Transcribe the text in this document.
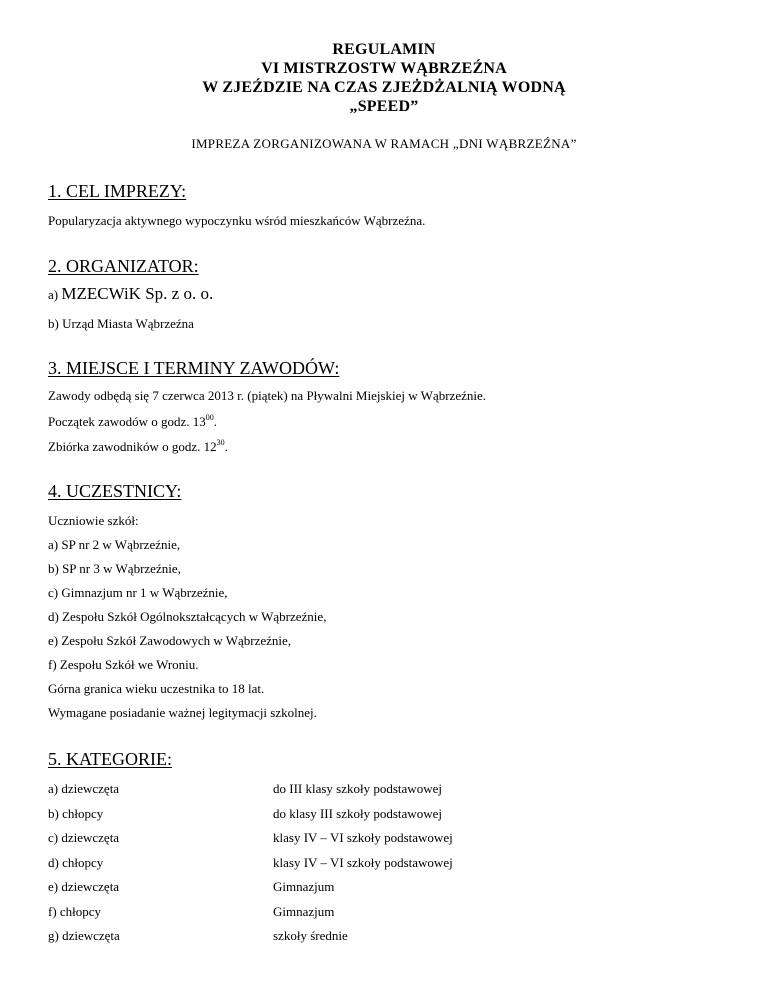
REGULAMIN
VI MISTRZOSTW WĄBRZEŹNA
W ZJEŹDZIE NA CZAS ZJEŻDŻALNIĄ WODNĄ
„SPEED”
IMPREZA ZORGANIZOWANA W RAMACH „DNI WĄBRZEŹNA”
1. CEL IMPREZY:
Popularyzacja aktywnego wypoczynku wśród mieszkańców Wąbrzeźna.
2. ORGANIZATOR:
a) MZECWiK Sp. z o. o.
b) Urząd Miasta Wąbrzeźna
3. MIEJSCE I TERMINY ZAWODÓW:
Zawody odbędą się 7 czerwca 2013 r. (piątek) na Pływalni Miejskiej w Wąbrzeźnie.
Początek zawodów o godz. $13^{00}$.
Zbiórka zawodników o godz. $12^{30}$.
4. UCZESTNICY:
Uczniowie szkół:
a) SP nr 2 w Wąbrzeźnie,
b) SP nr 3 w Wąbrzeźnie,
c) Gimnazjum nr 1 w Wąbrzeźnie,
d) Zespołu Szkół Ogólnokształcących w Wąbrzeźnie,
e) Zespołu Szkół Zawodowych w Wąbrzeźnie,
f) Zespołu Szkół we Wroniu.
Górna granica wieku uczestnika to 18 lat.
Wymagane posiadanie ważnej legitymacji szkolnej.
5. KATEGORIE:
a) dziewczęta	do III klasy szkoły podstawowej
b) chłopcy	do klasy III szkoły podstawowej
c) dziewczęta	klasy IV – VI szkoły podstawowej
d) chłopcy	klasy IV – VI szkoły podstawowej
e) dziewczęta	Gimnazjum
f) chłopcy	Gimnazjum
g) dziewczęta	szkoły średnie
